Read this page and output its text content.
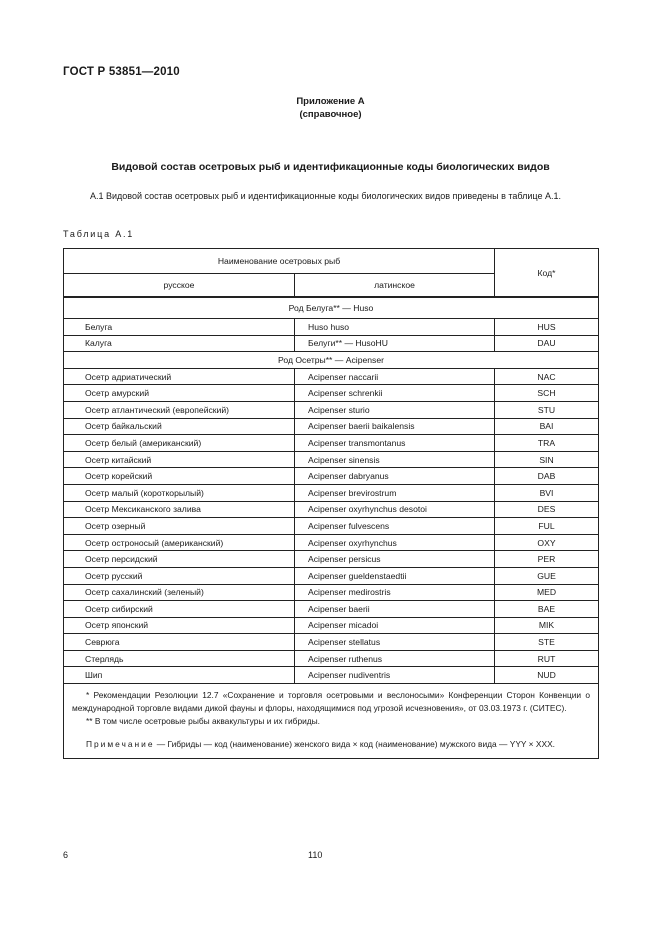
ГОСТ Р 53851—2010
Приложение А
(справочное)
Видовой состав осетровых рыб и идентификационные коды биологических видов
А.1 Видовой состав осетровых рыб и идентификационные коды биологических видов приведены в таблице А.1.
Таблица А.1
Наименование осетровых рыб		Код*
русское	латинское	
Род Белуга** — Huso		
Белуга	Huso huso	HUS
Калуга	Белуги** — HusoHU	DAU
Род Осетры** — Acipenser		
Осетр адриатический	Acipenser naccarii	NAC
Осетр амурский	Acipenser schrenkii	SCH
Осетр атлантический (европейский)	Acipenser sturio	STU
Осетр байкальский	Acipenser baerii baikalensis	BAI
Осетр белый (американский)	Acipenser transmontanus	TRA
Осетр китайский	Acipenser sinensis	SIN
Осетр корейский	Acipenser dabryanus	DAB
Осетр малый (короткорылый)	Acipenser brevirostrum	BVI
Осетр Мексиканского залива	Acipenser oxyrhynchus desotoi	DES
Осетр озерный	Acipenser fulvescens	FUL
Осетр остроносый (американский)	Acipenser oxyrhynchus	OXY
Осетр персидский	Acipenser persicus	PER
Осетр русский	Acipenser gueldenstaedtii	GUE
Осетр сахалинский (зеленый)	Acipenser medirostris	MED
Осетр сибирский	Acipenser baerii	BAE
Осетр японский	Acipenser micadoi	MIK
Севрюга	Acipenser stellatus	STE
Стерлядь	Acipenser ruthenus	RUT
Шип	Acipenser nudiventris	NUD

* Рекомендации Резолюции 12.7 «Сохранение и торговля осетровыми и веслоносыми» Конференции Сторон Конвенции о международной торговле видами дикой фауны и флоры, находящимися под угрозой исчезновения», от 03.03.1973 г. (СИТЕС).
** В том числе осетровые рыбы аквакультуры и их гибриды.
Примечание — Гибриды — код (наименование) женского вида × код (наименование) мужского вида — YYY × XXX.		
6	110
